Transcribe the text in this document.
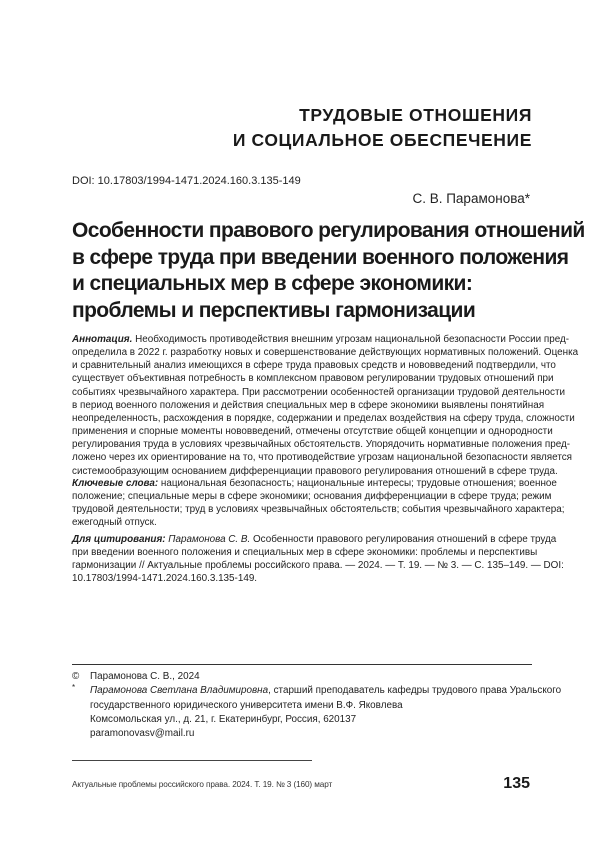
ТРУДОВЫЕ ОТНОШЕНИЯ
И СОЦИАЛЬНОЕ ОБЕСПЕЧЕНИЕ
DOI: 10.17803/1994-1471.2024.160.3.135-149
С. В. Парамонова*
Особенности правового регулирования отношений
в сфере труда при введении военного положения
и специальных мер в сфере экономики:
проблемы и перспективы гармонизации
Аннотация. Необходимость противодействия внешним угрозам национальной безопасности России пред-
определила в 2022 г. разработку новых и совершенствование действующих нормативных положений. Оценка
и сравнительный анализ имеющихся в сфере труда правовых средств и нововведений подтвердили, что
существует объективная потребность в комплексном правовом регулировании трудовых отношений при
событиях чрезвычайного характера. При рассмотрении особенностей организации трудовой деятельности
в период военного положения и действия специальных мер в сфере экономики выявлены понятийная
неопределенность, расхождения в порядке, содержании и пределах воздействия на сферу труда, сложности
применения и спорные моменты нововведений, отмечены отсутствие общей концепции и однородности
регулирования труда в условиях чрезвычайных обстоятельств. Упорядочить нормативные положения пред-
ложено через их ориентирование на то, что противодействие угрозам национальной безопасности является
системообразующим основанием дифференциации правового регулирования отношений в сфере труда.
Ключевые слова: национальная безопасность; национальные интересы; трудовые отношения; военное
положение; специальные меры в сфере экономики; основания дифференциации в сфере труда; режим
трудовой деятельности; труд в условиях чрезвычайных обстоятельств; события чрезвычайного характера;
ежегодный отпуск.
Для цитирования: Парамонова С. В. Особенности правового регулирования отношений в сфере труда
при введении военного положения и специальных мер в сфере экономики: проблемы и перспективы
гармонизации // Актуальные проблемы российского права. — 2024. — Т. 19. — № 3. — С. 135–149. — DOI:
10.17803/1994-1471.2024.160.3.135-149.
© Парамонова С. В., 2024
* Парамонова Светлана Владимировна, старший преподаватель кафедры трудового права Уральского
государственного юридического университета имени В.Ф. Яковлева
Комсомольская ул., д. 21, г. Екатеринбург, Россия, 620137
paramonovasv@mail.ru
Актуальные проблемы российского права. 2024. Т. 19. № 3 (160) март	135
